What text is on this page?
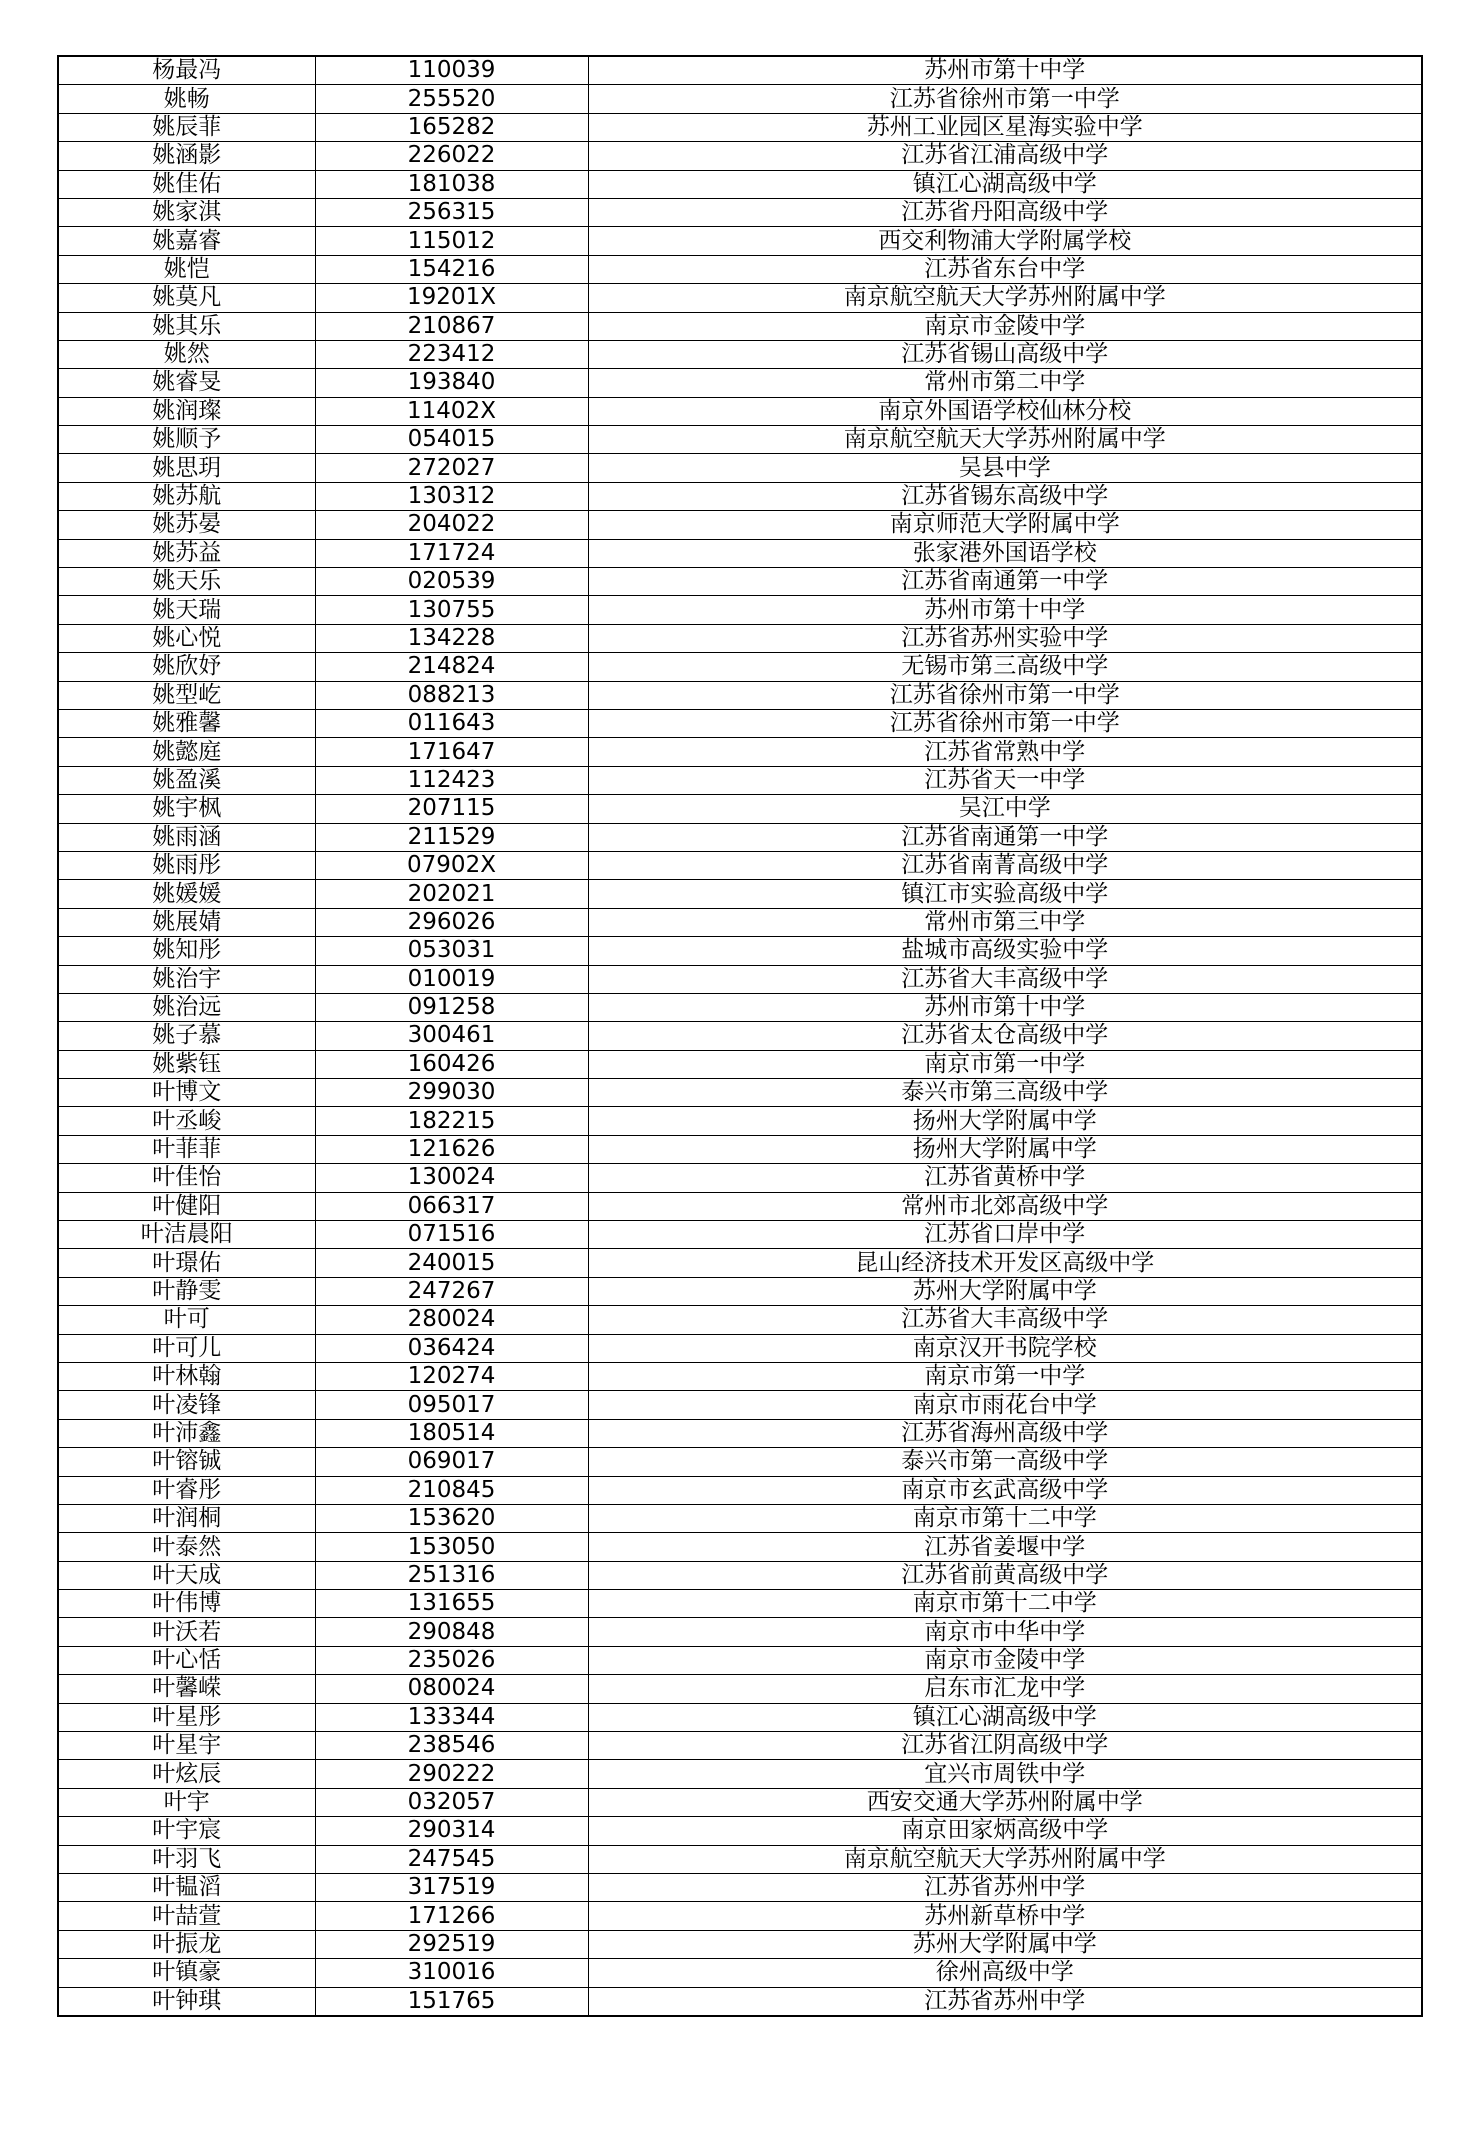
杨最冯	110039	苏州市第十中学
姚畅	255520	江苏省徐州市第一中学
姚辰菲	165282	苏州工业园区星海实验中学
姚涵影	226022	江苏省江浦高级中学
姚佳佑	181038	镇江心湖高级中学
姚家淇	256315	江苏省丹阳高级中学
姚嘉睿	115012	西交利物浦大学附属学校
姚恺	154216	江苏省东台中学
姚莫凡	19201X	南京航空航天大学苏州附属中学
姚其乐	210867	南京市金陵中学
姚然	223412	江苏省锡山高级中学
姚睿旻	193840	常州市第二中学
姚润璨	11402X	南京外国语学校仙林分校
姚顺予	054015	南京航空航天大学苏州附属中学
姚思玥	272027	吴县中学
姚苏航	130312	江苏省锡东高级中学
姚苏晏	204022	南京师范大学附属中学
姚苏益	171724	张家港外国语学校
姚天乐	020539	江苏省南通第一中学
姚天瑞	130755	苏州市第十中学
姚心悦	134228	江苏省苏州实验中学
姚欣妤	214824	无锡市第三高级中学
姚型屹	088213	江苏省徐州市第一中学
姚雅馨	011643	江苏省徐州市第一中学
姚懿庭	171647	江苏省常熟中学
姚盈溪	112423	江苏省天一中学
姚宇枫	207115	吴江中学
姚雨涵	211529	江苏省南通第一中学
姚雨彤	07902X	江苏省南菁高级中学
姚媛媛	202021	镇江市实验高级中学
姚展婧	296026	常州市第三中学
姚知彤	053031	盐城市高级实验中学
姚治宇	010019	江苏省大丰高级中学
姚治远	091258	苏州市第十中学
姚子慕	300461	江苏省太仓高级中学
姚紫钰	160426	南京市第一中学
叶博文	299030	泰兴市第三高级中学
叶丞峻	182215	扬州大学附属中学
叶菲菲	121626	扬州大学附属中学
叶佳怡	130024	江苏省黄桥中学
叶健阳	066317	常州市北郊高级中学
叶洁晨阳	071516	江苏省口岸中学
叶璟佑	240015	昆山经济技术开发区高级中学
叶静雯	247267	苏州大学附属中学
叶可	280024	江苏省大丰高级中学
叶可儿	036424	南京汉开书院学校
叶林翰	120274	南京市第一中学
叶凌锋	095017	南京市雨花台中学
叶沛鑫	180514	江苏省海州高级中学
叶镕铖	069017	泰兴市第一高级中学
叶睿彤	210845	南京市玄武高级中学
叶润桐	153620	南京市第十二中学
叶泰然	153050	江苏省姜堰中学
叶天成	251316	江苏省前黄高级中学
叶伟博	131655	南京市第十二中学
叶沃若	290848	南京市中华中学
叶心恬	235026	南京市金陵中学
叶馨嵘	080024	启东市汇龙中学
叶星彤	133344	镇江心湖高级中学
叶星宇	238546	江苏省江阴高级中学
叶炫辰	290222	宜兴市周铁中学
叶宇	032057	西安交通大学苏州附属中学
叶宇宸	290314	南京田家炳高级中学
叶羽飞	247545	南京航空航天大学苏州附属中学
叶韫滔	317519	江苏省苏州中学
叶喆萱	171266	苏州新草桥中学
叶振龙	292519	苏州大学附属中学
叶镇豪	310016	徐州高级中学
叶钟琪	151765	江苏省苏州中学
